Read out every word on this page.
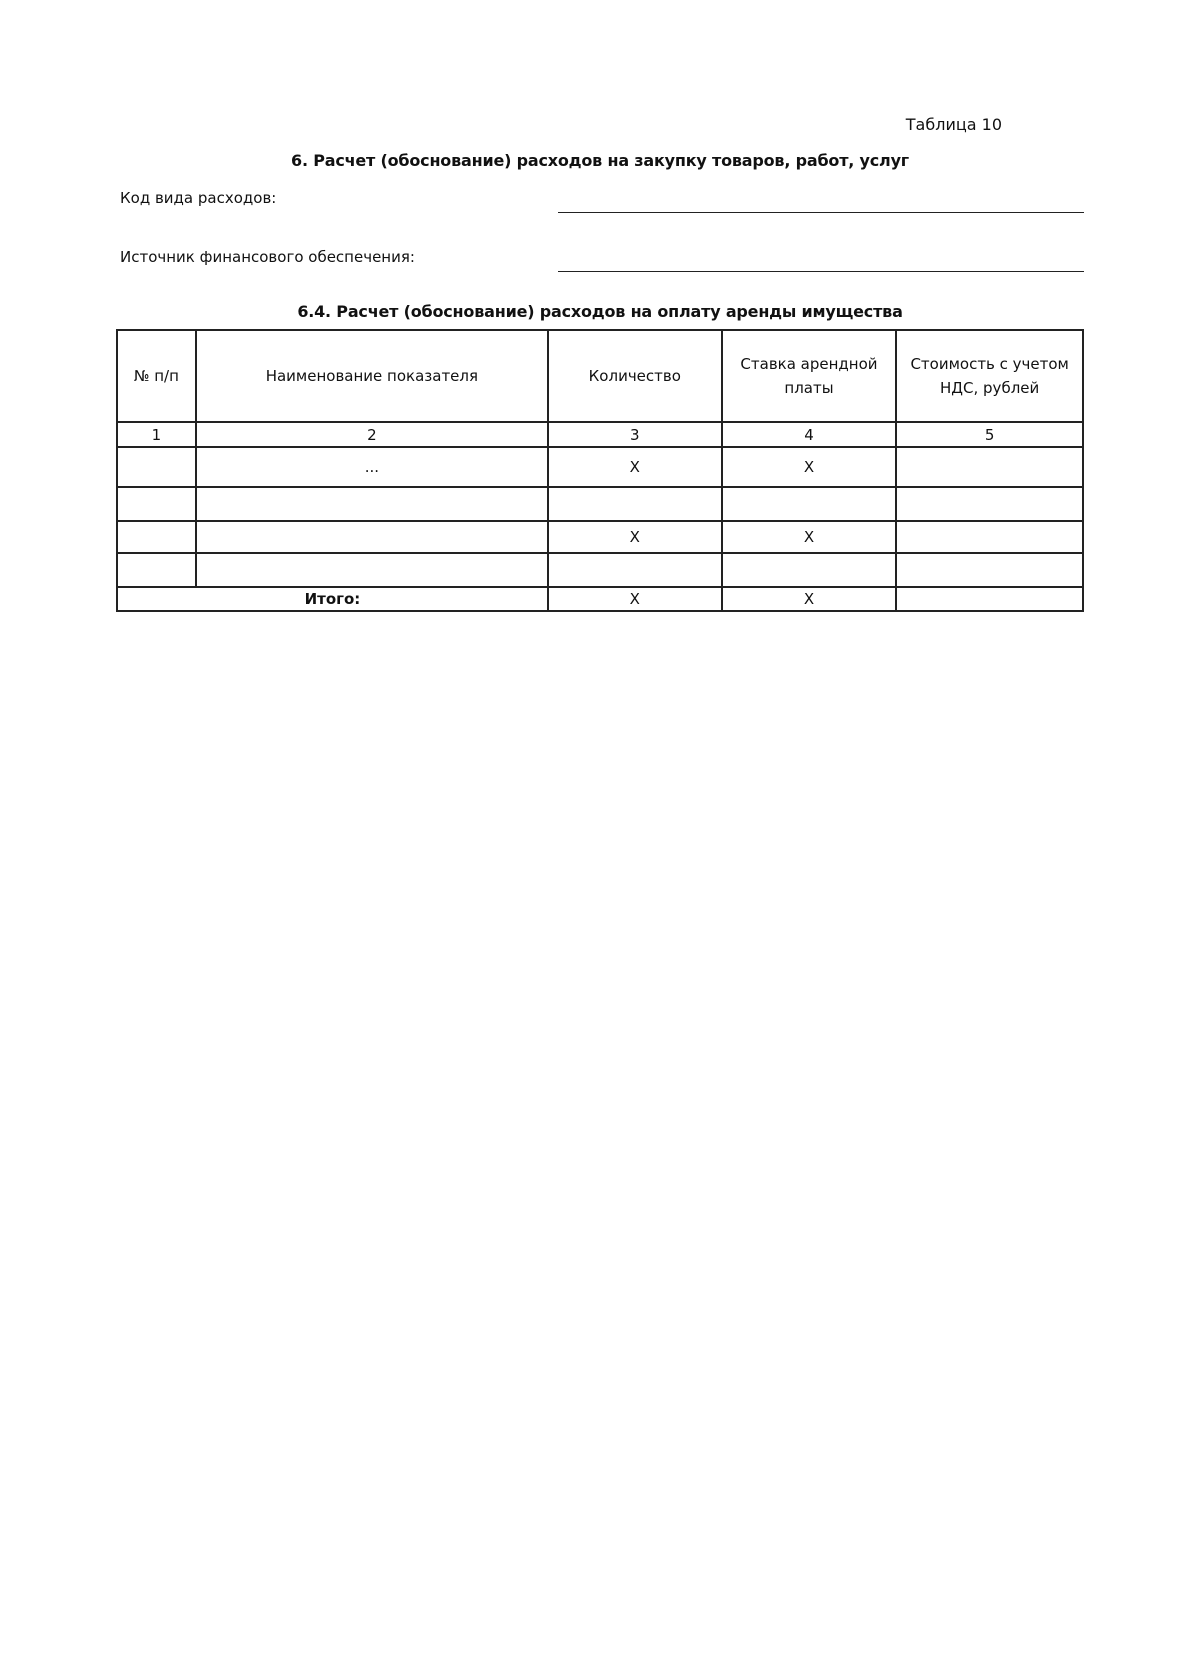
Таблица 10
6. Расчет (обоснование) расходов на закупку товаров, работ, услуг
Код вида расходов:
Источник финансового обеспечения:
6.4. Расчет (обоснование) расходов на оплату аренды имущества
№ п/п	Наименование показателя	Количество	Ставка арендной платы	Стоимость с учетом НДС, рублей
1	2	3	4	5
	...	X	X	

		X	X	

Итого:		X	X	
